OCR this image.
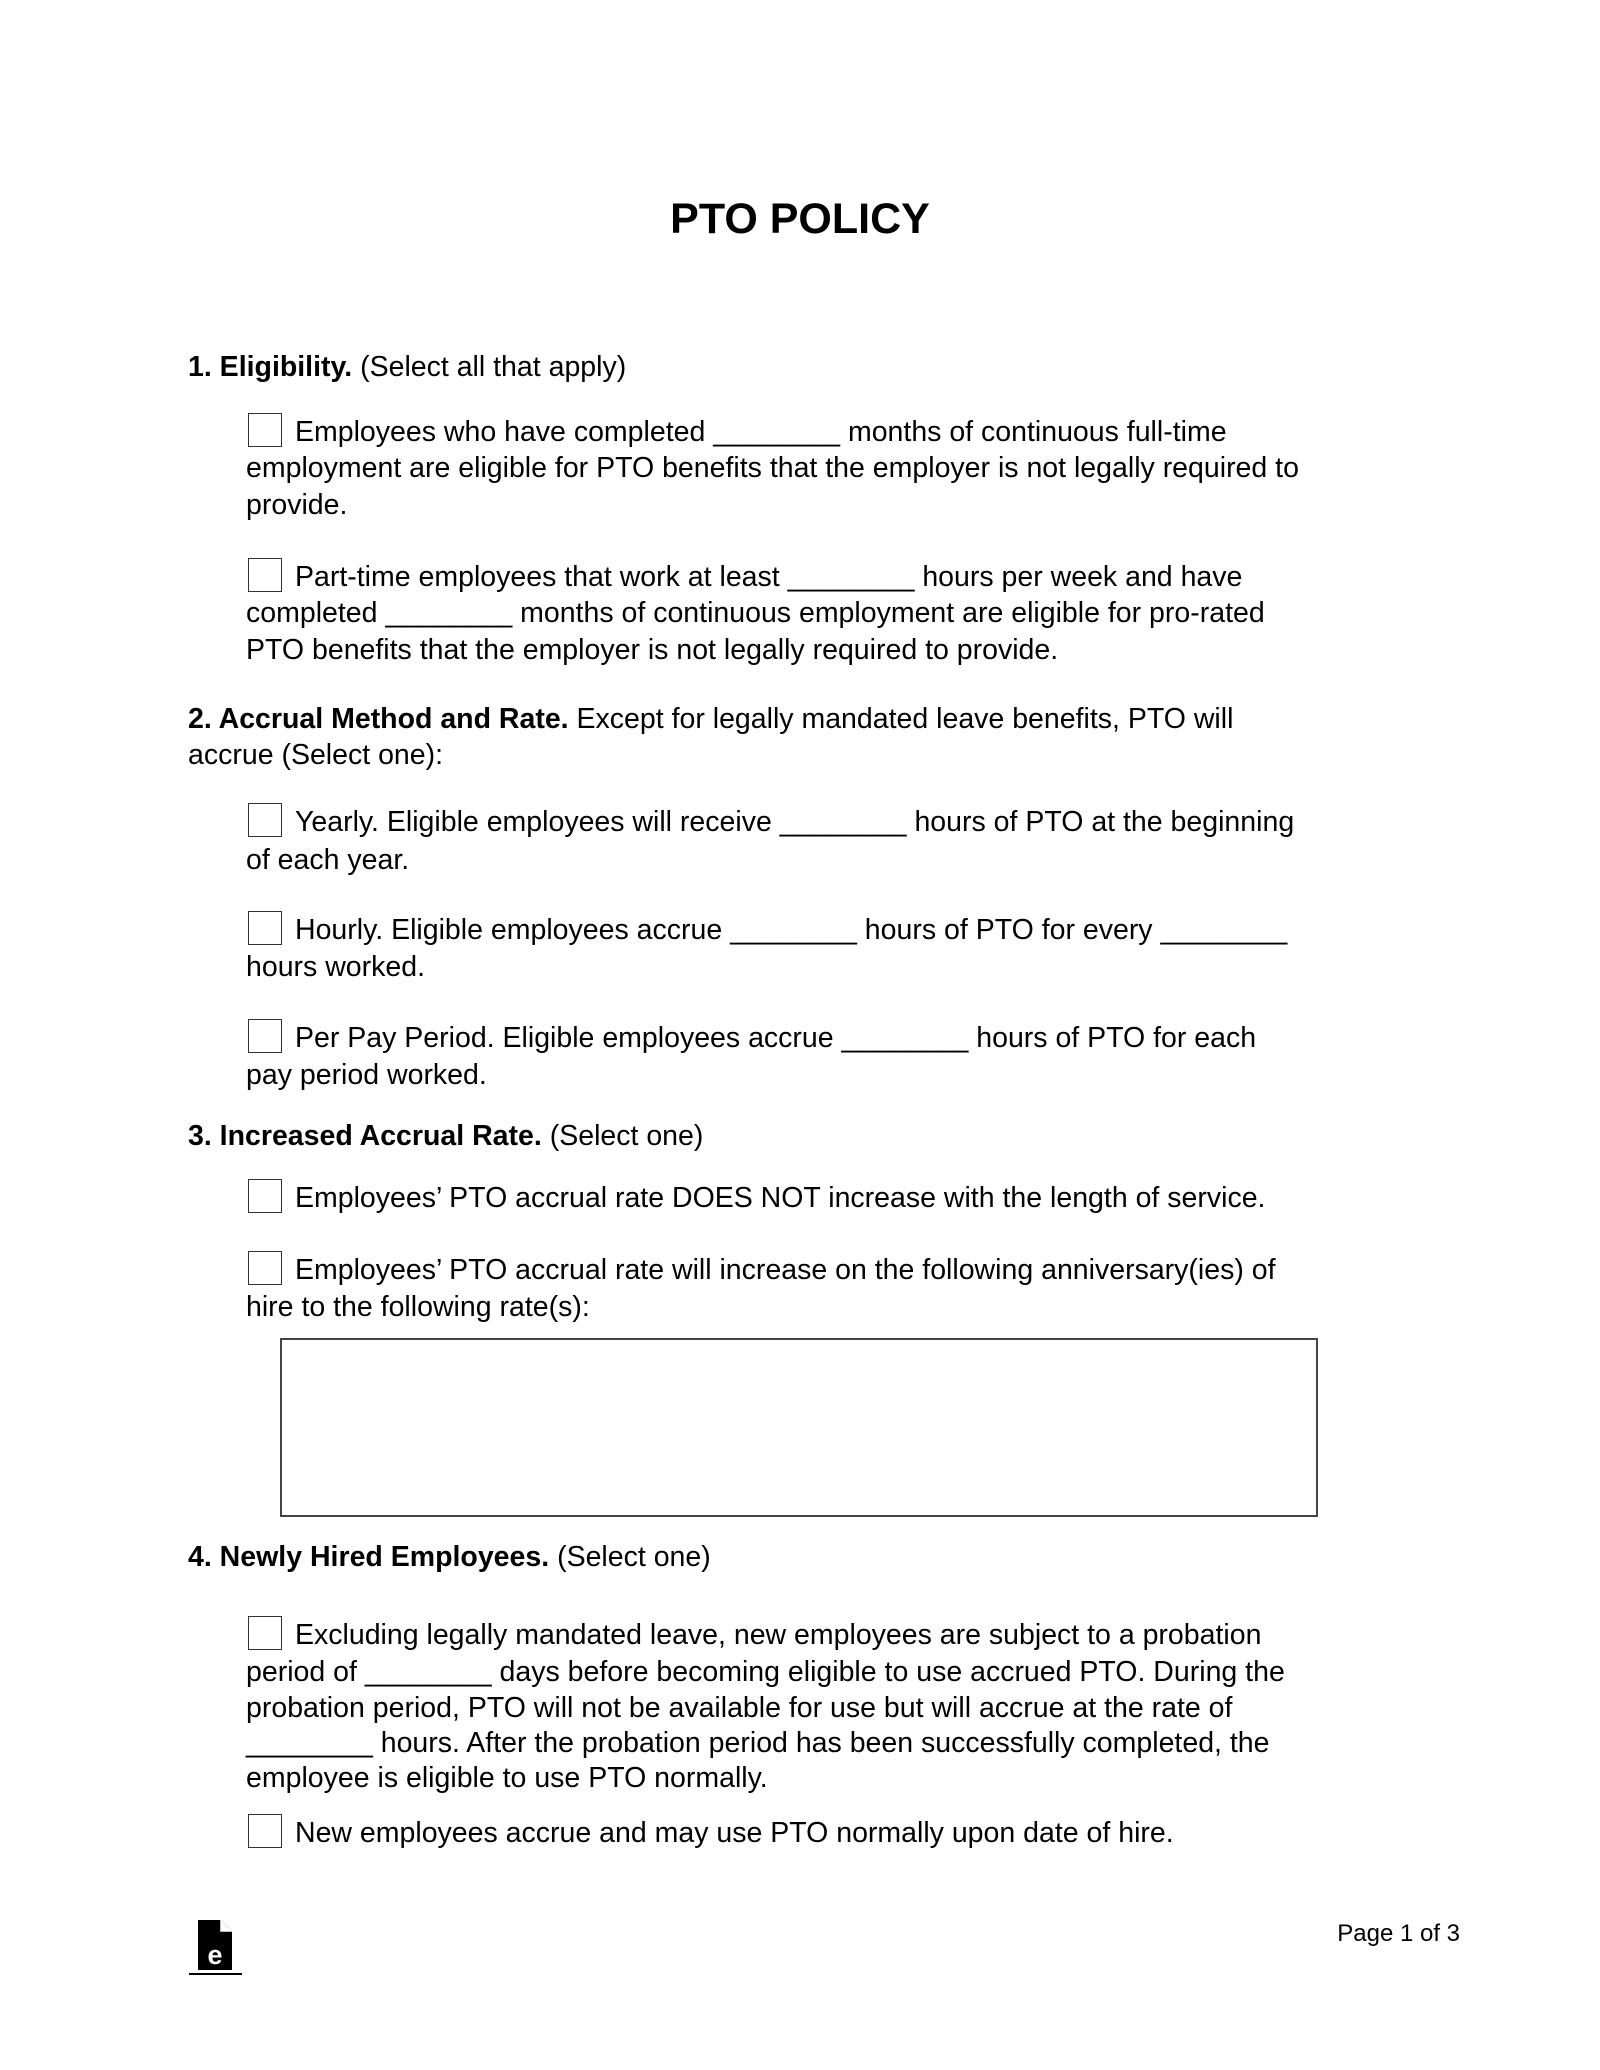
PTO POLICY
1. Eligibility. (Select all that apply)
Employees who have completed ________ months of continuous full-time
employment are eligible for PTO benefits that the employer is not legally required to
provide.
Part-time employees that work at least ________ hours per week and have
completed ________ months of continuous employment are eligible for pro-rated
PTO benefits that the employer is not legally required to provide.
2. Accrual Method and Rate. Except for legally mandated leave benefits, PTO will
accrue (Select one):
Yearly. Eligible employees will receive ________ hours of PTO at the beginning
of each year.
Hourly. Eligible employees accrue ________ hours of PTO for every ________
hours worked.
Per Pay Period. Eligible employees accrue ________ hours of PTO for each
pay period worked.
3. Increased Accrual Rate. (Select one)
Employees’ PTO accrual rate DOES NOT increase with the length of service.
Employees’ PTO accrual rate will increase on the following anniversary(ies) of
hire to the following rate(s):
4. Newly Hired Employees. (Select one)
Excluding legally mandated leave, new employees are subject to a probation
period of ________ days before becoming eligible to use accrued PTO. During the
probation period, PTO will not be available for use but will accrue at the rate of
________ hours. After the probation period has been successfully completed, the
employee is eligible to use PTO normally.
New employees accrue and may use PTO normally upon date of hire.
e
Page 1 of 3
